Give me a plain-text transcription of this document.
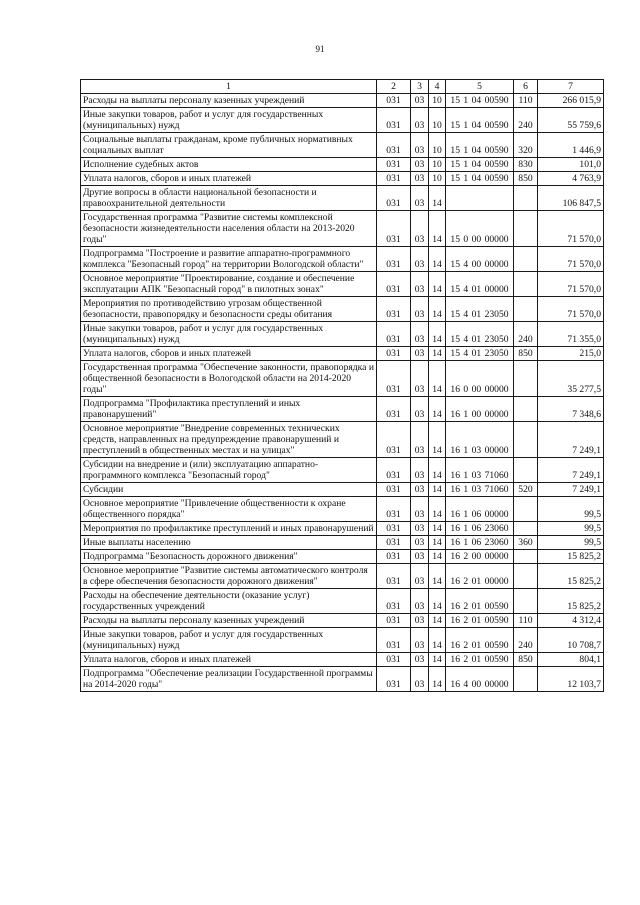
91
1	2	3	4	5	6	7
Расходы на выплаты персоналу казенных учреждений	031	03	10	15 1 04 00590	110	266 015,9
Иные закупки товаров, работ и услуг для государственных (муниципальных) нужд	031	03	10	15 1 04 00590	240	55 759,6
Социальные выплаты гражданам, кроме публичных нормативных социальных выплат	031	03	10	15 1 04 00590	320	1 446,9
Исполнение судебных актов	031	03	10	15 1 04 00590	830	101,0
Уплата налогов, сборов и иных платежей	031	03	10	15 1 04 00590	850	4 763,9
Другие вопросы в области национальной безопасности и правоохранительной деятельности	031	03	14			106 847,5
Государственная программа "Развитие системы комплексной безопасности жизнедеятельности населения области на 2013-2020 годы"	031	03	14	15 0 00 00000		71 570,0
Подпрограмма "Построение и развитие аппаратно-программного комплекса "Безопасный город" на территории Вологодской области"	031	03	14	15 4 00 00000		71 570,0
Основное мероприятие "Проектирование, создание и обеспечение эксплуатации АПК "Безопасный город" в пилотных зонах"	031	03	14	15 4 01 00000		71 570,0
Мероприятия по противодействию угрозам общественной безопасности, правопорядку и безопасности среды обитания	031	03	14	15 4 01 23050		71 570,0
Иные закупки товаров, работ и услуг для государственных (муниципальных) нужд	031	03	14	15 4 01 23050	240	71 355,0
Уплата налогов, сборов и иных платежей	031	03	14	15 4 01 23050	850	215,0
Государственная программа "Обеспечение законности, правопорядка и общественной безопасности в Вологодской области на 2014-2020 годы"	031	03	14	16 0 00 00000		35 277,5
Подпрограмма "Профилактика преступлений и иных правонарушений"	031	03	14	16 1 00 00000		7 348,6
Основное мероприятие "Внедрение современных технических средств, направленных на предупреждение правонарушений и преступлений в общественных местах и на улицах"	031	03	14	16 1 03 00000		7 249,1
Субсидии на внедрение и (или) эксплуатацию аппаратно-программного комплекса "Безопасный город"	031	03	14	16 1 03 71060		7 249,1
Субсидии	031	03	14	16 1 03 71060	520	7 249,1
Основное мероприятие "Привлечение общественности к охране общественного порядка"	031	03	14	16 1 06 00000		99,5
Мероприятия по профилактике преступлений и иных правонарушений	031	03	14	16 1 06 23060		99,5
Иные выплаты населению	031	03	14	16 1 06 23060	360	99,5
Подпрограмма "Безопасность дорожного движения"	031	03	14	16 2 00 00000		15 825,2
Основное мероприятие "Развитие системы автоматического контроля в сфере обеспечения безопасности дорожного движения"	031	03	14	16 2 01 00000		15 825,2
Расходы на обеспечение деятельности (оказание услуг) государственных учреждений	031	03	14	16 2 01 00590		15 825,2
Расходы на выплаты персоналу казенных учреждений	031	03	14	16 2 01 00590	110	4 312,4
Иные закупки товаров, работ и услуг для государственных (муниципальных) нужд	031	03	14	16 2 01 00590	240	10 708,7
Уплата налогов, сборов и иных платежей	031	03	14	16 2 01 00590	850	804,1
Подпрограмма "Обеспечение реализации Государственной программы на 2014-2020 годы"	031	03	14	16 4 00 00000		12 103,7
